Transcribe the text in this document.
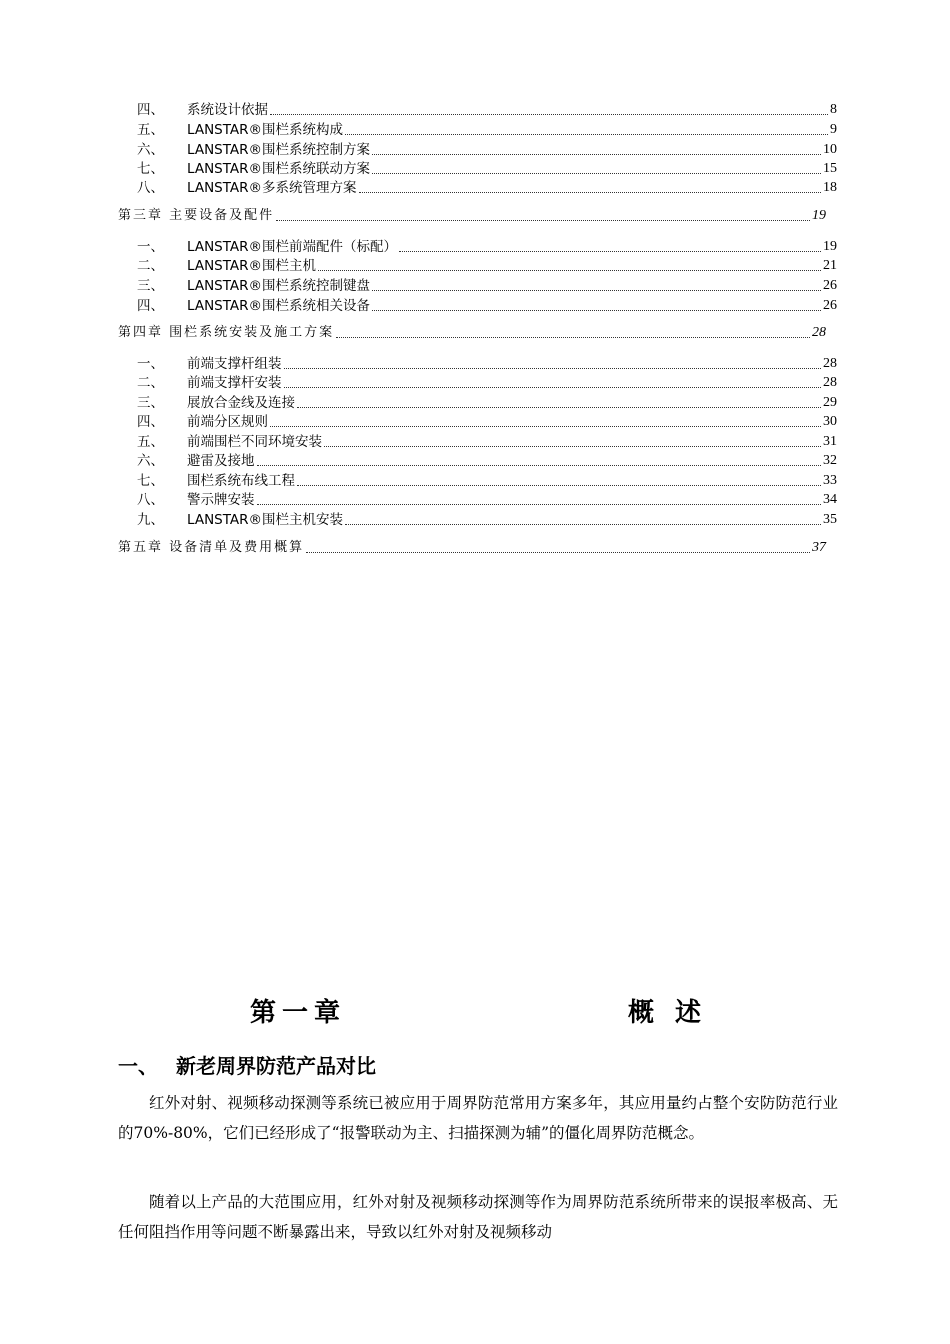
四、	系统设计依据	8
五、	LANSTAR®围栏系统构成	9
六、	LANSTAR®围栏系统控制方案	10
七、	LANSTAR®围栏系统联动方案	15
八、	LANSTAR®多系统管理方案	18
第三章 主要设备及配件	19
一、	LANSTAR®围栏前端配件（标配）	19
二、	LANSTAR®围栏主机	21
三、	LANSTAR®围栏系统控制键盘	26
四、	LANSTAR®围栏系统相关设备	26
第四章 围栏系统安装及施工方案	28
一、	前端支撑杆组装	28
二、	前端支撑杆安装	28
三、	展放合金线及连接	29
四、	前端分区规则	30
五、	前端围栏不同环境安装	31
六、	避雷及接地	32
七、	围栏系统布线工程	33
八、	警示牌安装	34
九、	LANSTAR®围栏主机安装	35
第五章 设备清单及费用概算	37
第一章	概 述
一、 新老周界防范产品对比

红外对射、视频移动探测等系统已被应用于周界防范常用方案多年，其应用量约占整个安防防范行业的70%-80%，它们已经形成了“报警联动为主、扫描探测为辅”的僵化周界防范概念。

随着以上产品的大范围应用，红外对射及视频移动探测等作为周界防范系统所带来的误报率极高、无任何阻挡作用等问题不断暴露出来，导致以红外对射及视频移动
